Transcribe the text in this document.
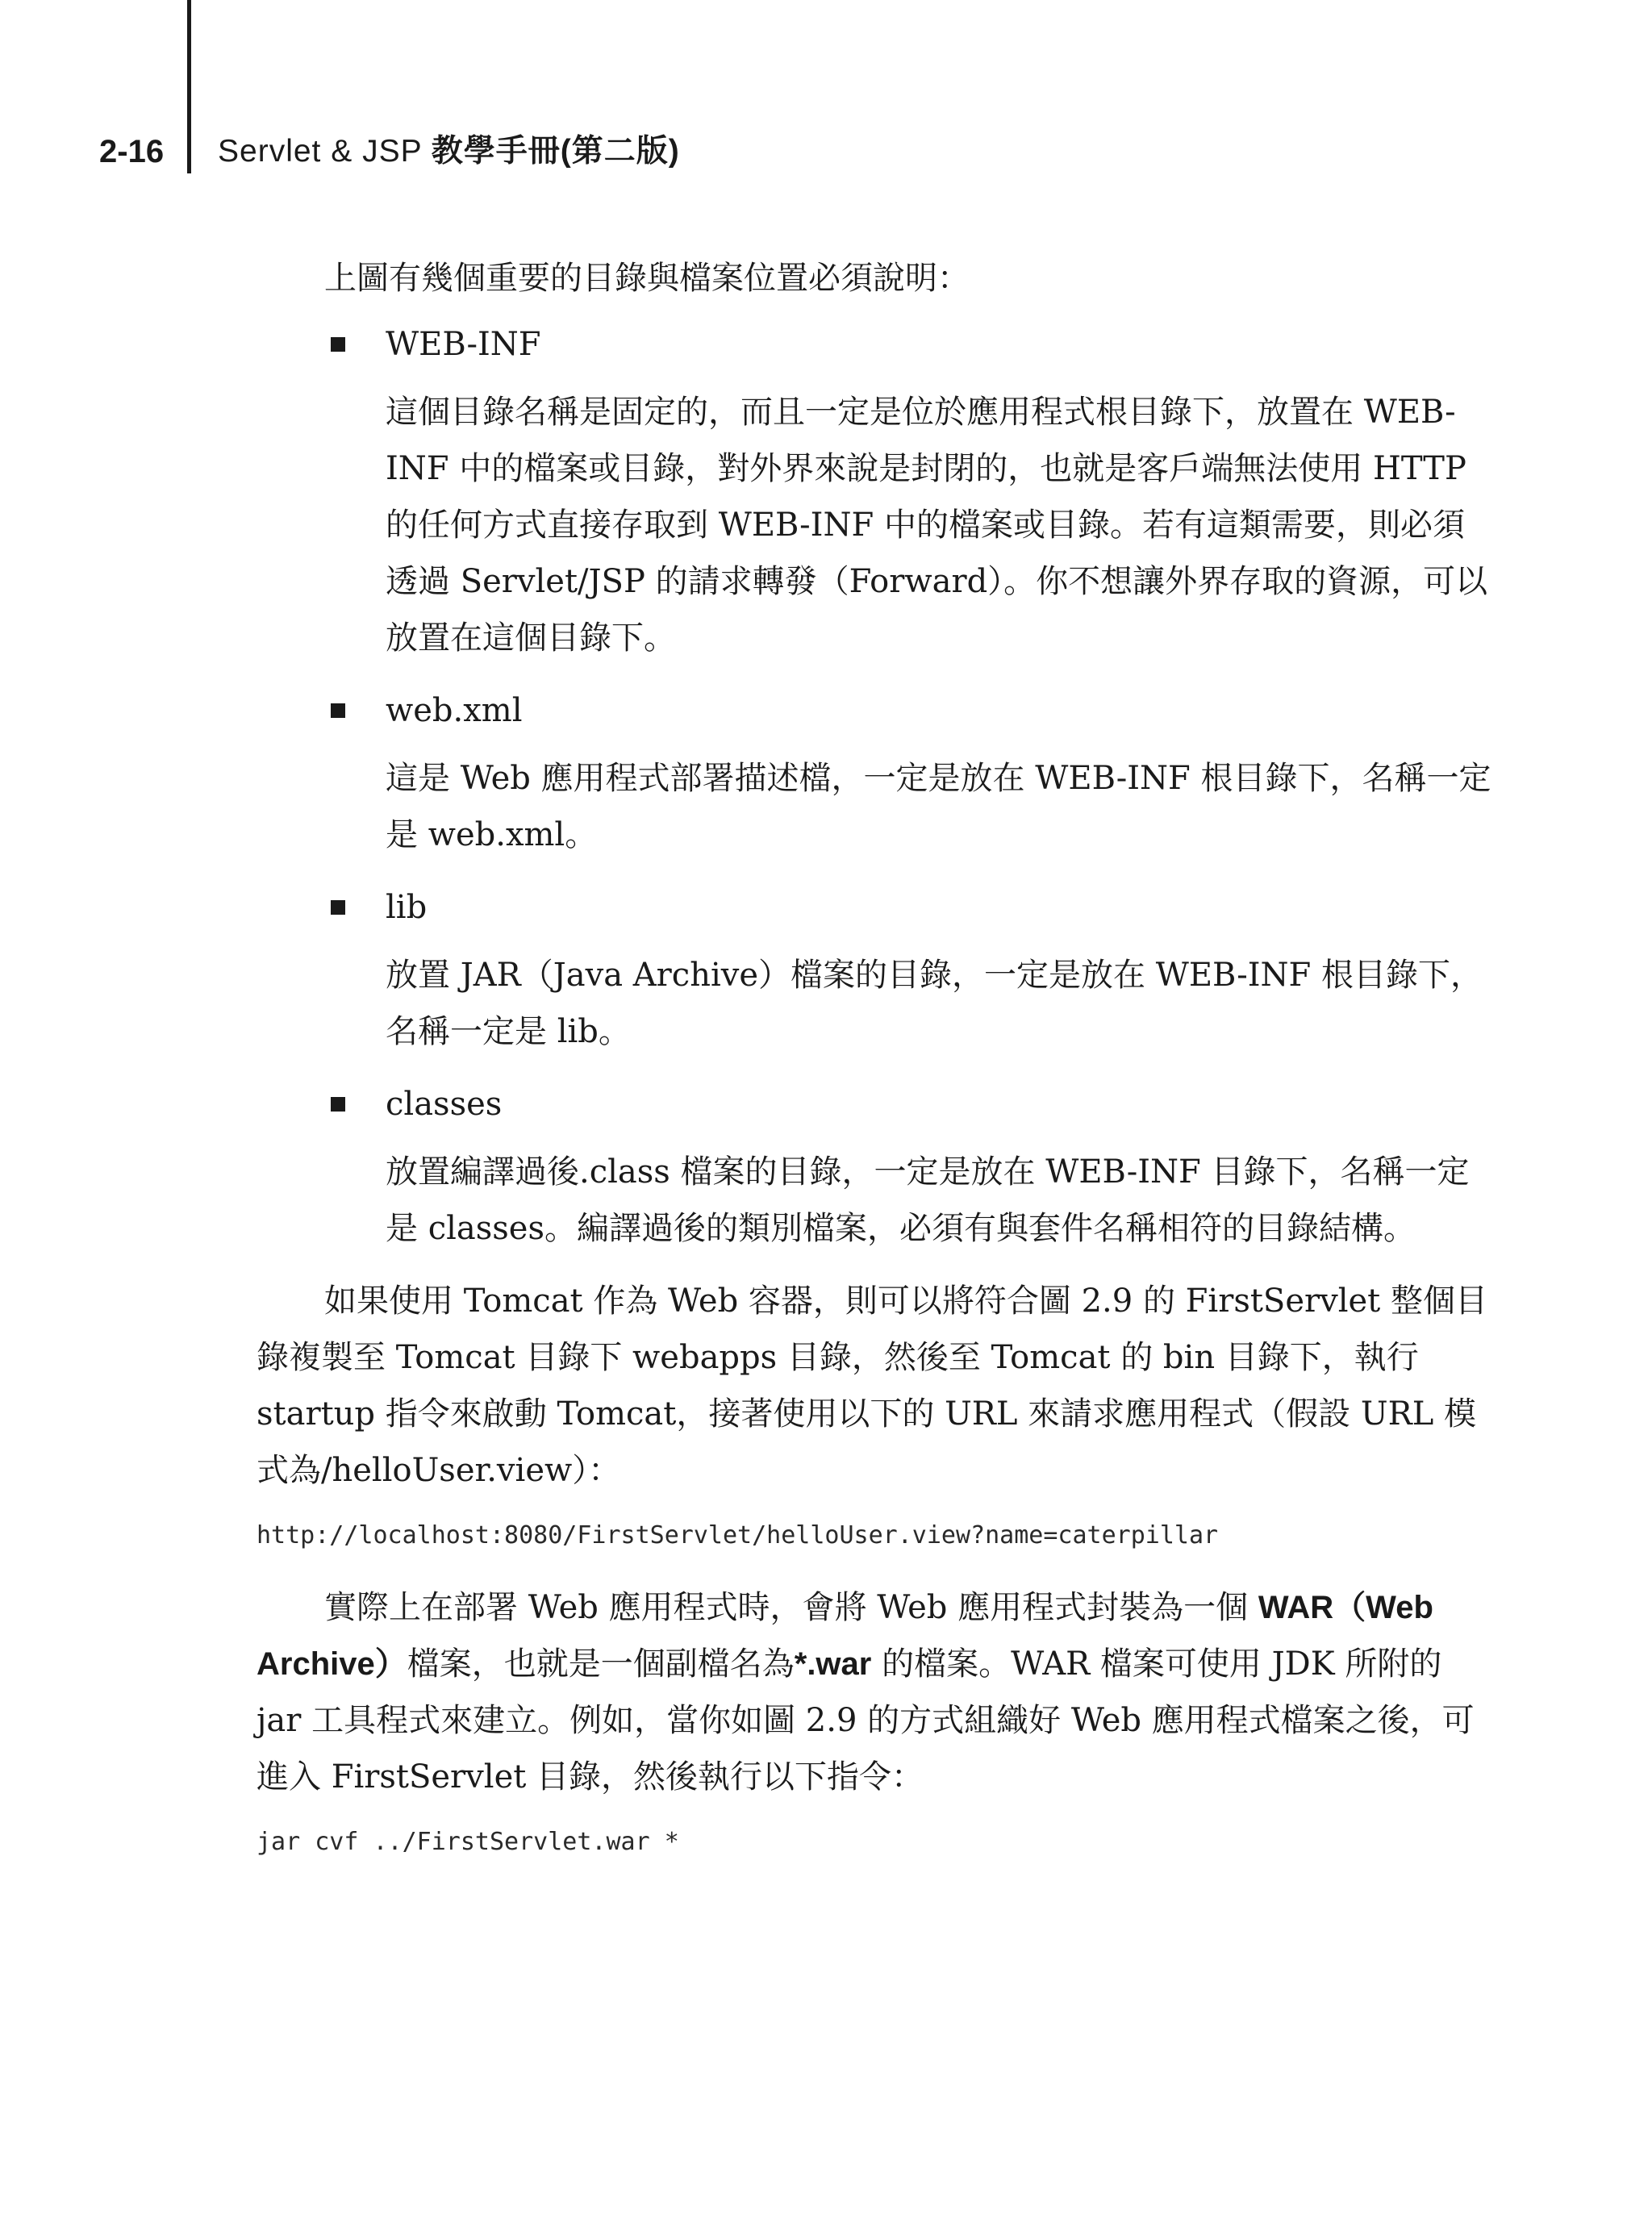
2-16 Servlet & JSP 教學手冊(第二版)

上圖有幾個重要的目錄與檔案位置必須說明：

WEB-INF

這個目錄名稱是固定的，而且一定是位於應用程式根目錄下，放置在 WEB-INF 中的檔案或目錄，對外界來說是封閉的，也就是客戶端無法使用 HTTP 的任何方式直接存取到 WEB-INF 中的檔案或目錄。若有這類需要，則必須透過 Servlet/JSP 的請求轉發（Forward）。你不想讓外界存取的資源，可以放置在這個目錄下。

web.xml

這是 Web 應用程式部署描述檔，一定是放在 WEB-INF 根目錄下，名稱一定是 web.xml。

lib

放置 JAR（Java Archive）檔案的目錄，一定是放在 WEB-INF 根目錄下，名稱一定是 lib。

classes

放置編譯過後.class 檔案的目錄，一定是放在 WEB-INF 目錄下，名稱一定是 classes。編譯過後的類別檔案，必須有與套件名稱相符的目錄結構。

如果使用 Tomcat 作為 Web 容器，則可以將符合圖 2.9 的 FirstServlet 整個目錄複製至 Tomcat 目錄下 webapps 目錄，然後至 Tomcat 的 bin 目錄下，執行 startup 指令來啟動 Tomcat，接著使用以下的 URL 來請求應用程式（假設 URL 模式為/helloUser.view）：

http://localhost:8080/FirstServlet/helloUser.view?name=caterpillar

實際上在部署 Web 應用程式時，會將 Web 應用程式封裝為一個 WAR（Web Archive）檔案，也就是一個副檔名為*.war 的檔案。WAR 檔案可使用 JDK 所附的 jar 工具程式來建立。例如，當你如圖 2.9 的方式組織好 Web 應用程式檔案之後，可進入 FirstServlet 目錄，然後執行以下指令：

jar cvf ../FirstServlet.war *
